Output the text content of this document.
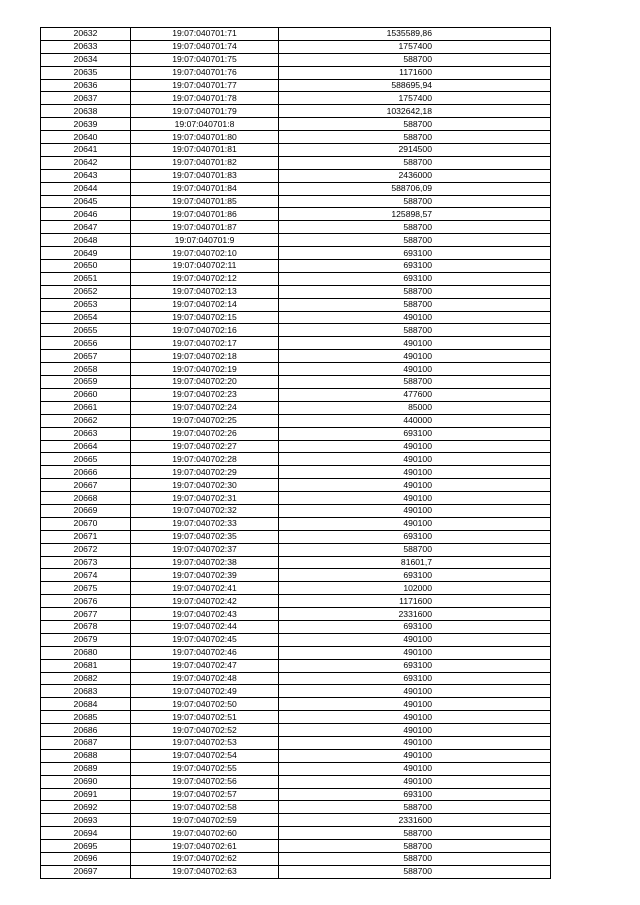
20632	19:07:040701:71	1535589,86
20633	19:07:040701:74	1757400
20634	19:07:040701:75	588700
20635	19:07:040701:76	1171600
20636	19:07:040701:77	588695,94
20637	19:07:040701:78	1757400
20638	19:07:040701:79	1032642,18
20639	19:07:040701:8	588700
20640	19:07:040701:80	588700
20641	19:07:040701:81	2914500
20642	19:07:040701:82	588700
20643	19:07:040701:83	2436000
20644	19:07:040701:84	588706,09
20645	19:07:040701:85	588700
20646	19:07:040701:86	125898,57
20647	19:07:040701:87	588700
20648	19:07:040701:9	588700
20649	19:07:040702:10	693100
20650	19:07:040702:11	693100
20651	19:07:040702:12	693100
20652	19:07:040702:13	588700
20653	19:07:040702:14	588700
20654	19:07:040702:15	490100
20655	19:07:040702:16	588700
20656	19:07:040702:17	490100
20657	19:07:040702:18	490100
20658	19:07:040702:19	490100
20659	19:07:040702:20	588700
20660	19:07:040702:23	477600
20661	19:07:040702:24	85000
20662	19:07:040702:25	440000
20663	19:07:040702:26	693100
20664	19:07:040702:27	490100
20665	19:07:040702:28	490100
20666	19:07:040702:29	490100
20667	19:07:040702:30	490100
20668	19:07:040702:31	490100
20669	19:07:040702:32	490100
20670	19:07:040702:33	490100
20671	19:07:040702:35	693100
20672	19:07:040702:37	588700
20673	19:07:040702:38	81601,7
20674	19:07:040702:39	693100
20675	19:07:040702:41	102000
20676	19:07:040702:42	1171600
20677	19:07:040702:43	2331600
20678	19:07:040702:44	693100
20679	19:07:040702:45	490100
20680	19:07:040702:46	490100
20681	19:07:040702:47	693100
20682	19:07:040702:48	693100
20683	19:07:040702:49	490100
20684	19:07:040702:50	490100
20685	19:07:040702:51	490100
20686	19:07:040702:52	490100
20687	19:07:040702:53	490100
20688	19:07:040702:54	490100
20689	19:07:040702:55	490100
20690	19:07:040702:56	490100
20691	19:07:040702:57	693100
20692	19:07:040702:58	588700
20693	19:07:040702:59	2331600
20694	19:07:040702:60	588700
20695	19:07:040702:61	588700
20696	19:07:040702:62	588700
20697	19:07:040702:63	588700
